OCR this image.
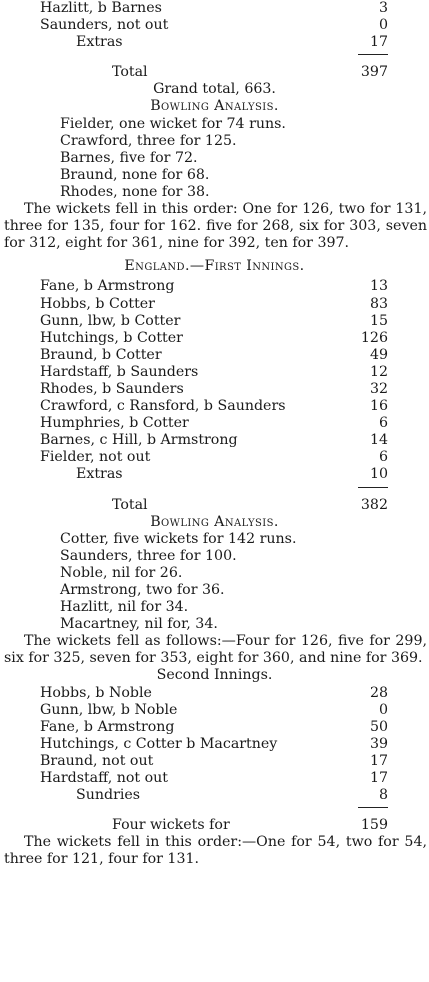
Hazlitt, b Barnes	3
Saunders, not out	0
Extras	17
Total	397
Grand total, 663.
Bowling Analysis.
Fielder, one wicket for 74 runs.
Crawford, three for 125.
Barnes, five for 72.
Braund, none for 68.
Rhodes, none for 38.
The wickets fell in this order: One for 126, two for 131, three for 135, four for 162. five for 268, six for 303, seven for 312, eight for 361, nine for 392, ten for 397.
England.—First Innings.
Fane, b Armstrong	13
Hobbs, b Cotter	83
Gunn, lbw, b Cotter	15
Hutchings, b Cotter	126
Braund, b Cotter	49
Hardstaff, b Saunders	12
Rhodes, b Saunders	32
Crawford, c Ransford, b Saunders	16
Humphries, b Cotter	6
Barnes, c Hill, b Armstrong	14
Fielder, not out	6
Extras	10
Total	382
Bowling Analysis.
Cotter, five wickets for 142 runs.
Saunders, three for 100.
Noble, nil for 26.
Armstrong, two for 36.
Hazlitt, nil for 34.
Macartney, nil for, 34.
The wickets fell as follows:—Four for 126, five for 299, six for 325, seven for 353, eight for 360, and nine for 369.
Second Innings.
Hobbs, b Noble	28
Gunn, lbw, b Noble	0
Fane, b Armstrong	50
Hutchings, c Cotter b Macartney	39
Braund, not out	17
Hardstaff, not out	17
Sundries	8
Four wickets for	159
The wickets fell in this order:—One for 54, two for 54, three for 121, four for 131.
